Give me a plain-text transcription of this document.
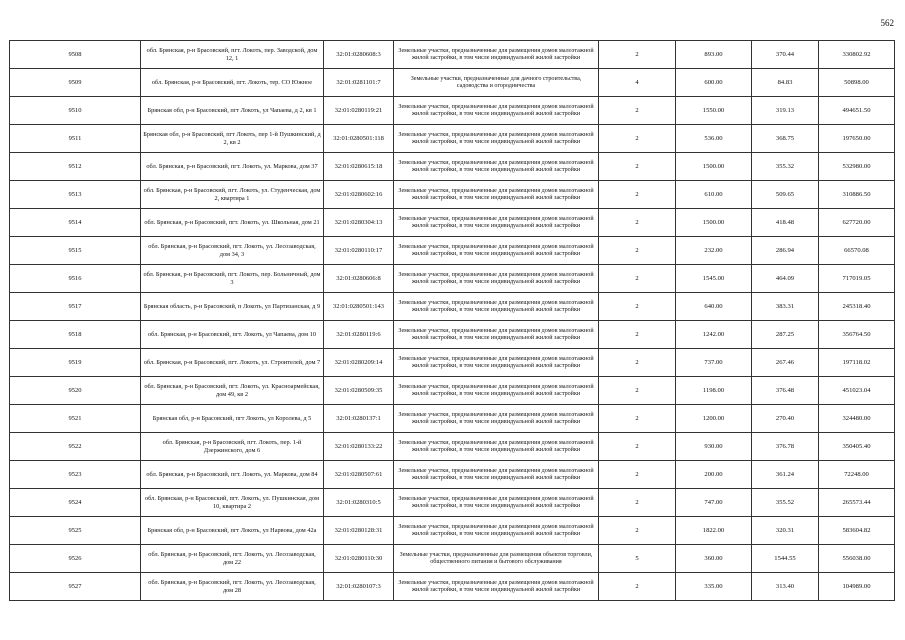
562
9508	обл. Брянская, р-н Брасовский, пгт. Локоть, пер. Заводской, дом 12, 1	32:01:0280608:3	Земельные участки, предназначенные для размещения домов малоэтажной жилой застройки, в том числе индивидуальной жилой застройки	2	893.00	370.44	330802.92
9509	обл. Брянская, р-н Брасовский, пгт. Локоть, тер. СО Южное	32:01:0281101:7	Земельные участки, предназначенные для дачного строительства, садоводства и огородничества	4	600.00	84.83	50898.00
9510	Брянская обл, р-н Брасовский, пгт Локоть, ул Чапаева, д 2, кв 1	32:01:0280119:21	Земельные участки, предназначенные для размещения домов малоэтажной жилой застройки, в том числе индивидуальной жилой застройки	2	1550.00	319.13	494651.50
9511	Брянская обл, р-н Брасовский, пгт Локоть, пер 1-й Пушкинский, д 2, кв 2	32:01:0280501:118	Земельные участки, предназначенные для размещения домов малоэтажной жилой застройки, в том числе индивидуальной жилой застройки	2	536.00	368.75	197650.00
9512	обл. Брянская, р-н Брасовский, пгт. Локоть, ул. Маркова, дом 37	32:01:0280615:18	Земельные участки, предназначенные для размещения домов малоэтажной жилой застройки, в том числе индивидуальной жилой застройки	2	1500.00	355.32	532980.00
9513	обл. Брянская, р-н Брасовский, пгт. Локоть, ул. Студенческая, дом 2, квартира 1	32:01:0280602:16	Земельные участки, предназначенные для размещения домов малоэтажной жилой застройки, в том числе индивидуальной жилой застройки	2	610.00	509.65	310886.50
9514	обл. Брянская, р-н Брасовский, пгт. Локоть, ул. Школьная, дом 21	32:01:0280304:13	Земельные участки, предназначенные для размещения домов малоэтажной жилой застройки, в том числе индивидуальной жилой застройки	2	1500.00	418.48	627720.00
9515	обл. Брянская, р-н Брасовский, пгт. Локоть, ул. Лесозаводская, дом 34, 3	32:01:0280110:17	Земельные участки, предназначенные для размещения домов малоэтажной жилой застройки, в том числе индивидуальной жилой застройки	2	232.00	286.94	66570.08
9516	обл. Брянская, р-н Брасовский, пгт. Локоть, пер. Больничный, дом 3	32:01:0280606:8	Земельные участки, предназначенные для размещения домов малоэтажной жилой застройки, в том числе индивидуальной жилой застройки	2	1545.00	464.09	717019.05
9517	Брянская область, р-н Брасовский, п Локоть, ул Партизанская, д 9	32:01:0280501:143	Земельные участки, предназначенные для размещения домов малоэтажной жилой застройки, в том числе индивидуальной жилой застройки	2	640.00	383.31	245318.40
9518	обл. Брянская, р-н Брасовский, пгт. Локоть, ул Чапаева, дом 10	32:01:0280119:6	Земельные участки, предназначенные для размещения домов малоэтажной жилой застройки, в том числе индивидуальной жилой застройки	2	1242.00	287.25	356764.50
9519	обл. Брянская, р-н Брасовский, пгт. Локоть, ул. Строителей, дом 7	32:01:0280209:14	Земельные участки, предназначенные для размещения домов малоэтажной жилой застройки, в том числе индивидуальной жилой застройки	2	737.00	267.46	197118.02
9520	обл. Брянская, р-н Брасовский, пгт. Локоть, ул. Красноармейская, дом 49, кв 2	32:01:0280509:35	Земельные участки, предназначенные для размещения домов малоэтажной жилой застройки, в том числе индивидуальной жилой застройки	2	1198.00	376.48	451023.04
9521	Брянская обл, р-н Брасовский, пгт Локоть, ул Королева, д 5	32:01:0280137:1	Земельные участки, предназначенные для размещения домов малоэтажной жилой застройки, в том числе индивидуальной жилой застройки	2	1200.00	270.40	324480.00
9522	обл. Брянская, р-н Брасовский, пгт. Локоть, пер. 1-й Дзержинского, дом 6	32:01:0280133:22	Земельные участки, предназначенные для размещения домов малоэтажной жилой застройки, в том числе индивидуальной жилой застройки	2	930.00	376.78	350405.40
9523	обл. Брянская, р-н Брасовский, пгт. Локоть, ул. Маркова, дом 84	32:01:0280507:61	Земельные участки, предназначенные для размещения домов малоэтажной жилой застройки, в том числе индивидуальной жилой застройки	2	200.00	361.24	72248.00
9524	обл. Брянская, р-н Брасовский, пгт. Локоть, ул. Пушкинская, дом 10, квартира 2	32:01:0280310:5	Земельные участки, предназначенные для размещения домов малоэтажной жилой застройки, в том числе индивидуальной жилой застройки	2	747.00	355.52	265573.44
9525	Брянская обл, р-н Брасовский, пгт Локоть, ул Нарвова, дом 42а	32:01:0280128:31	Земельные участки, предназначенные для размещения домов малоэтажной жилой застройки, в том числе индивидуальной жилой застройки	2	1822.00	320.31	583604.82
9526	обл. Брянская, р-н Брасовский, пгт. Локоть, ул. Лесозаводская, дом 22	32:01:0280110:30	Земельные участки, предназначенные для размещения объектов торговли, общественного питания и бытового обслуживания	5	360.00	1544.55	556038.00
9527	обл. Брянская, р-н Брасовский, пгт. Локоть, ул. Лесозаводская, дом 28	32:01:0280107:3	Земельные участки, предназначенные для размещения домов малоэтажной жилой застройки, в том числе индивидуальной жилой застройки	2	335.00	313.40	104989.00
